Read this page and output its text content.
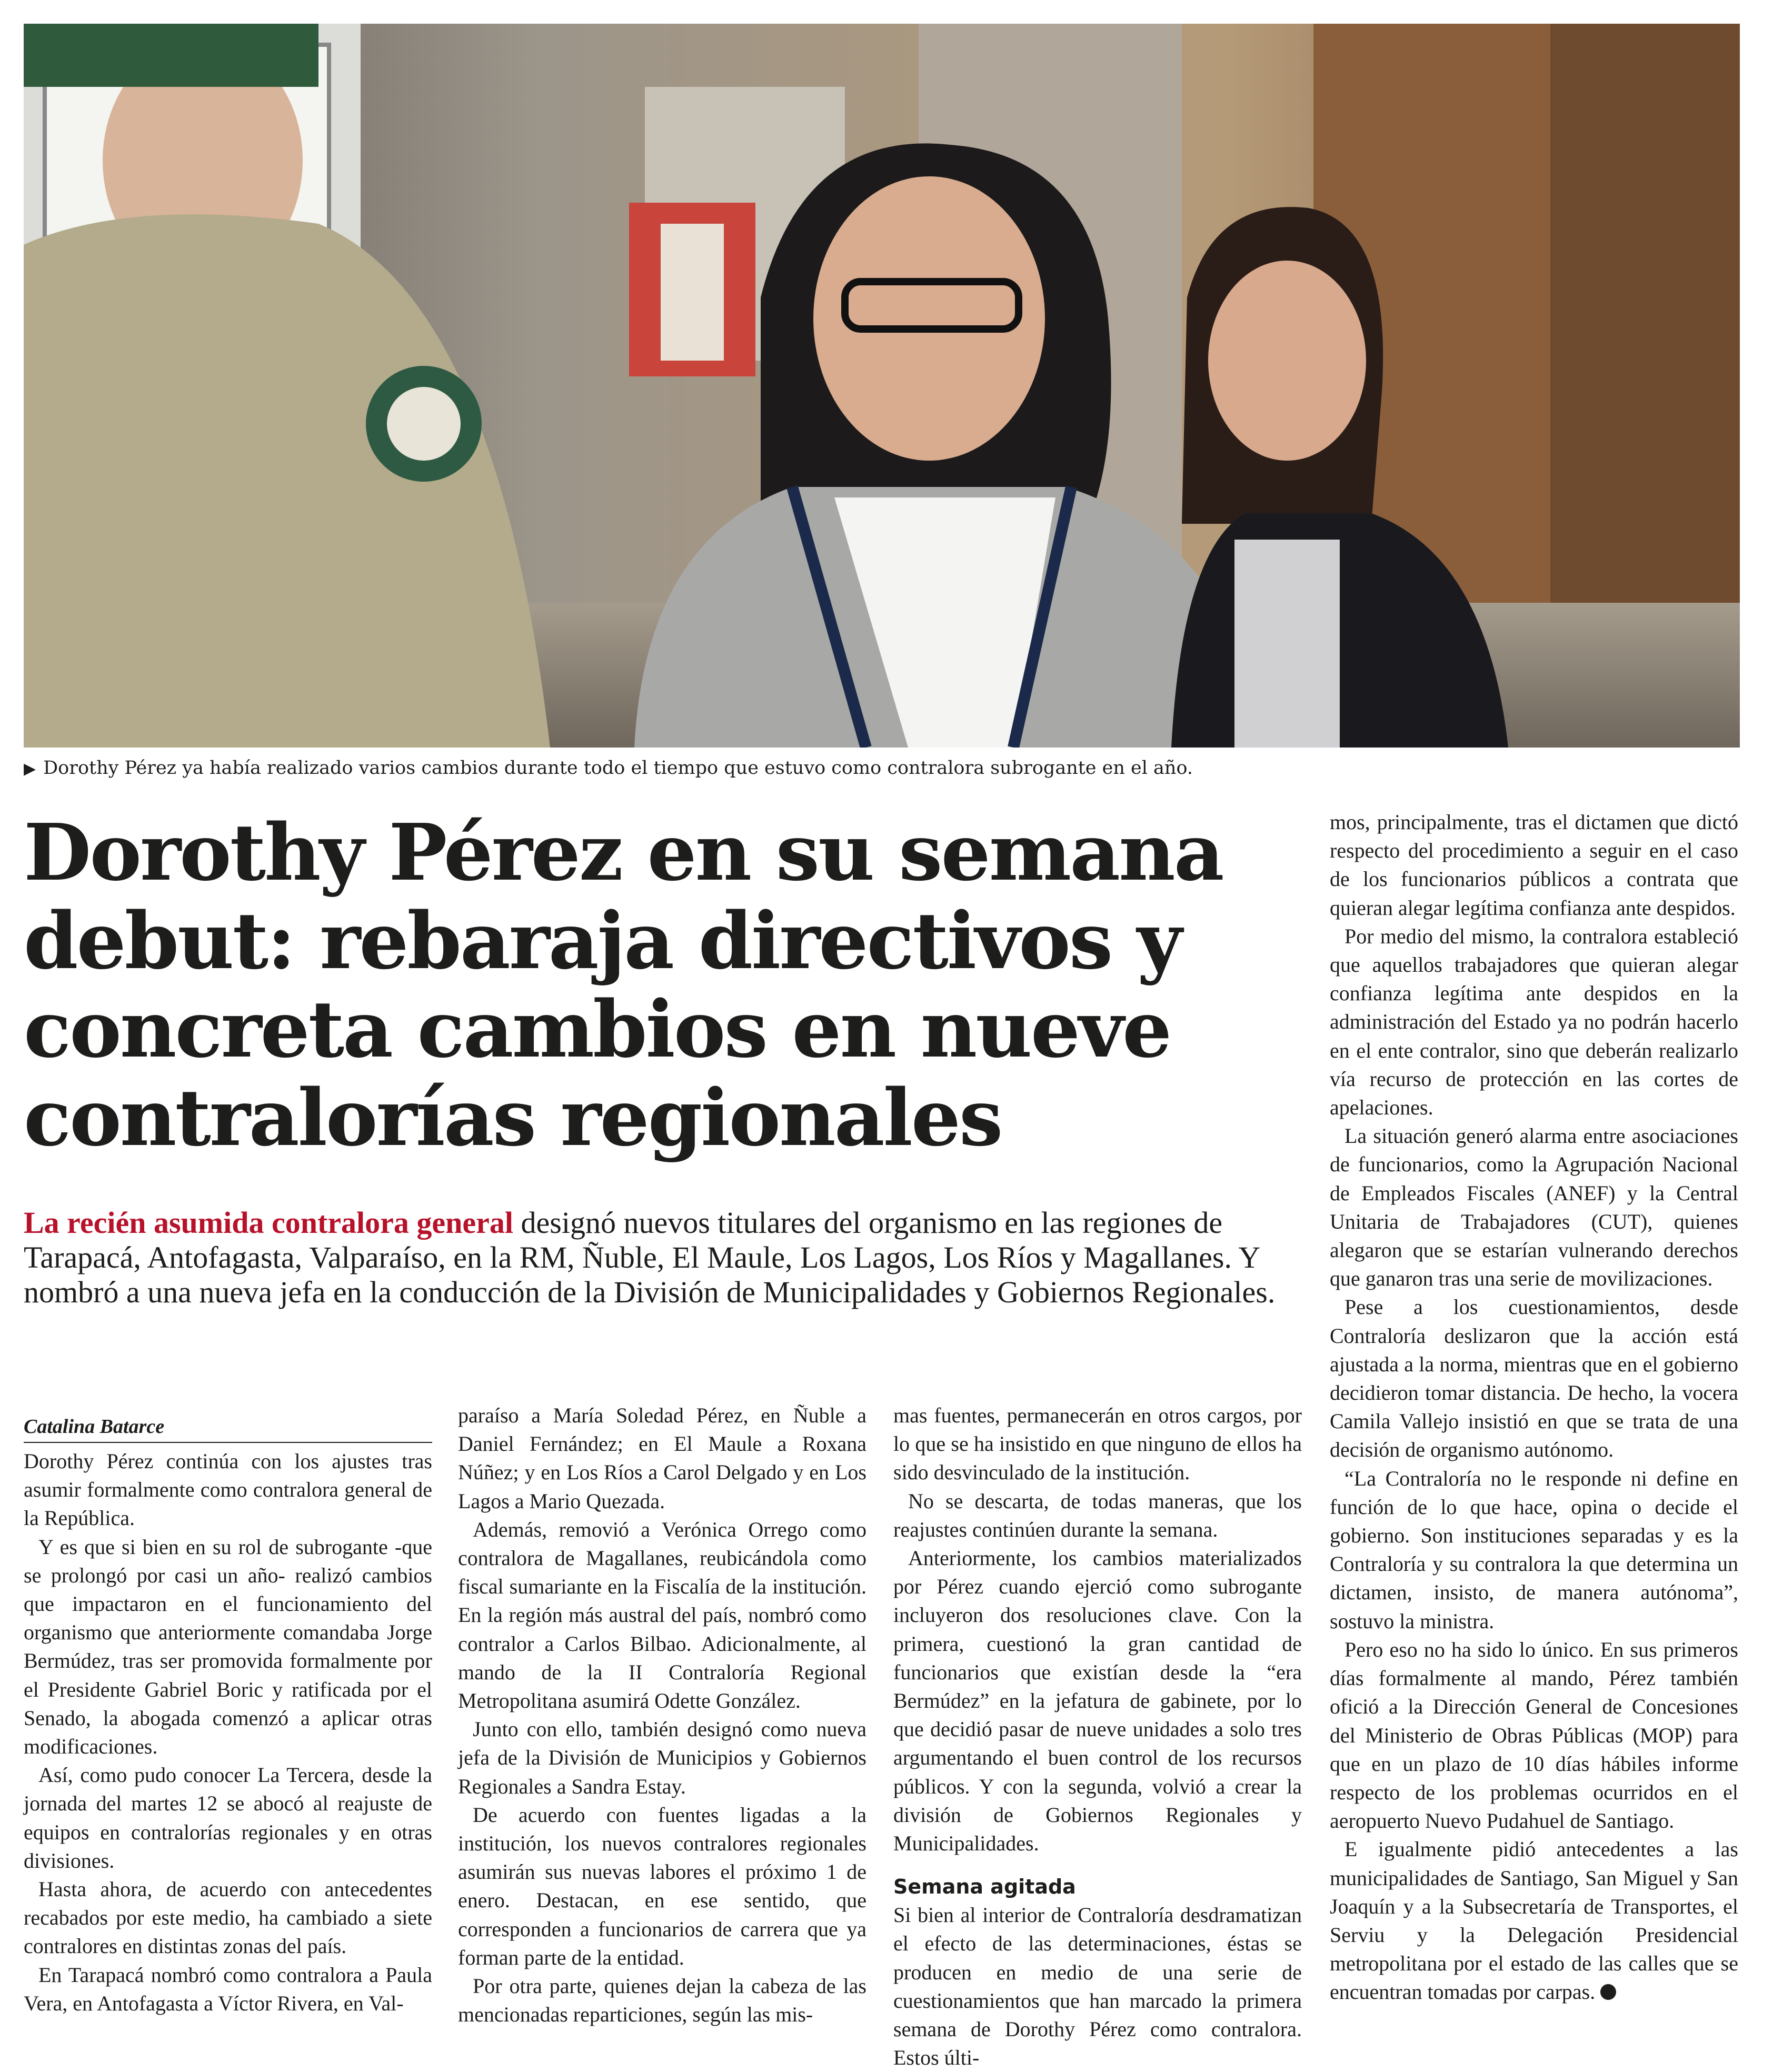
▶ Dorothy Pérez ya había realizado varios cambios durante todo el tiempo que estuvo como contralora subrogante en el año.
Dorothy Pérez en su semana
debut: rebaraja directivos y
concreta cambios en nueve
contralorías regionales

La recién asumida contralora general designó nuevos titulares del organismo en las regiones de Tarapacá, Antofagasta, Valparaíso, en la RM, Ñuble, El Maule, Los Lagos, Los Ríos y Magallanes. Y nombró a una nueva jefa en la conducción de la División de Municipalidades y Gobiernos Regionales.

Catalina Batarce

Dorothy Pérez continúa con los ajustes tras asumir formalmente como contralora general de la República.

Y es que si bien en su rol de subrogante -que se prolongó por casi un año- realizó cambios que impactaron en el funcionamiento del organismo que anteriormente comandaba Jorge Bermúdez, tras ser promovida formalmente por el Presidente Gabriel Boric y ratificada por el Senado, la abogada comenzó a aplicar otras modificaciones.

Así, como pudo conocer La Tercera, desde la jornada del martes 12 se abocó al reajuste de equipos en contralorías regionales y en otras divisiones.

Hasta ahora, de acuerdo con antecedentes recabados por este medio, ha cambiado a siete contralores en distintas zonas del país.

En Tarapacá nombró como contralora a Paula Vera, en Antofagasta a Víctor Rivera, en Val-

paraíso a María Soledad Pérez, en Ñuble a Daniel Fernández; en El Maule a Roxana Núñez; y en Los Ríos a Carol Delgado y en Los Lagos a Mario Quezada.

Además, removió a Verónica Orrego como contralora de Magallanes, reubicándola como fiscal sumariante en la Fiscalía de la institución. En la región más austral del país, nombró como contralor a Carlos Bilbao. Adicionalmente, al mando de la II Contraloría Regional Metropolitana asumirá Odette González.

Junto con ello, también designó como nueva jefa de la División de Municipios y Gobiernos Regionales a Sandra Estay.

De acuerdo con fuentes ligadas a la institución, los nuevos contralores regionales asumirán sus nuevas labores el próximo 1 de enero. Destacan, en ese sentido, que corresponden a funcionarios de carrera que ya forman parte de la entidad.

Por otra parte, quienes dejan la cabeza de las mencionadas reparticiones, según las mis-

mas fuentes, permanecerán en otros cargos, por lo que se ha insistido en que ninguno de ellos ha sido desvinculado de la institución.

No se descarta, de todas maneras, que los reajustes continúen durante la semana.

Anteriormente, los cambios materializados por Pérez cuando ejerció como subrogante incluyeron dos resoluciones clave. Con la primera, cuestionó la gran cantidad de funcionarios que existían desde la “era Bermúdez” en la jefatura de gabinete, por lo que decidió pasar de nueve unidades a solo tres argumentando el buen control de los recursos públicos. Y con la segunda, volvió a crear la división de Gobiernos Regionales y Municipalidades.

Semana agitada

Si bien al interior de Contraloría desdramatizan el efecto de las determinaciones, éstas se producen en medio de una serie de cuestionamientos que han marcado la primera semana de Dorothy Pérez como contralora. Estos últi-

mos, principalmente, tras el dictamen que dictó respecto del procedimiento a seguir en el caso de los funcionarios públicos a contrata que quieran alegar legítima confianza ante despidos.

Por medio del mismo, la contralora estableció que aquellos trabajadores que quieran alegar confianza legítima ante despidos en la administración del Estado ya no podrán hacerlo en el ente contralor, sino que deberán realizarlo vía recurso de protección en las cortes de apelaciones.

La situación generó alarma entre asociaciones de funcionarios, como la Agrupación Nacional de Empleados Fiscales (ANEF) y la Central Unitaria de Trabajadores (CUT), quienes alegaron que se estarían vulnerando derechos que ganaron tras una serie de movilizaciones.

Pese a los cuestionamientos, desde Contraloría deslizaron que la acción está ajustada a la norma, mientras que en el gobierno decidieron tomar distancia. De hecho, la vocera Camila Vallejo insistió en que se trata de una decisión de organismo autónomo.

“La Contraloría no le responde ni define en función de lo que hace, opina o decide el gobierno. Son instituciones separadas y es la Contraloría y su contralora la que determina un dictamen, insisto, de manera autónoma”, sostuvo la ministra.

Pero eso no ha sido lo único. En sus primeros días formalmente al mando, Pérez también ofició a la Dirección General de Concesiones del Ministerio de Obras Públicas (MOP) para que en un plazo de 10 días hábiles informe respecto de los problemas ocurridos en el aeropuerto Nuevo Pudahuel de Santiago.

E igualmente pidió antecedentes a las municipalidades de Santiago, San Miguel y San Joaquín y a la Subsecretaría de Transportes, el Serviu y la Delegación Presidencial metropolitana por el estado de las calles que se encuentran tomadas por carpas.
